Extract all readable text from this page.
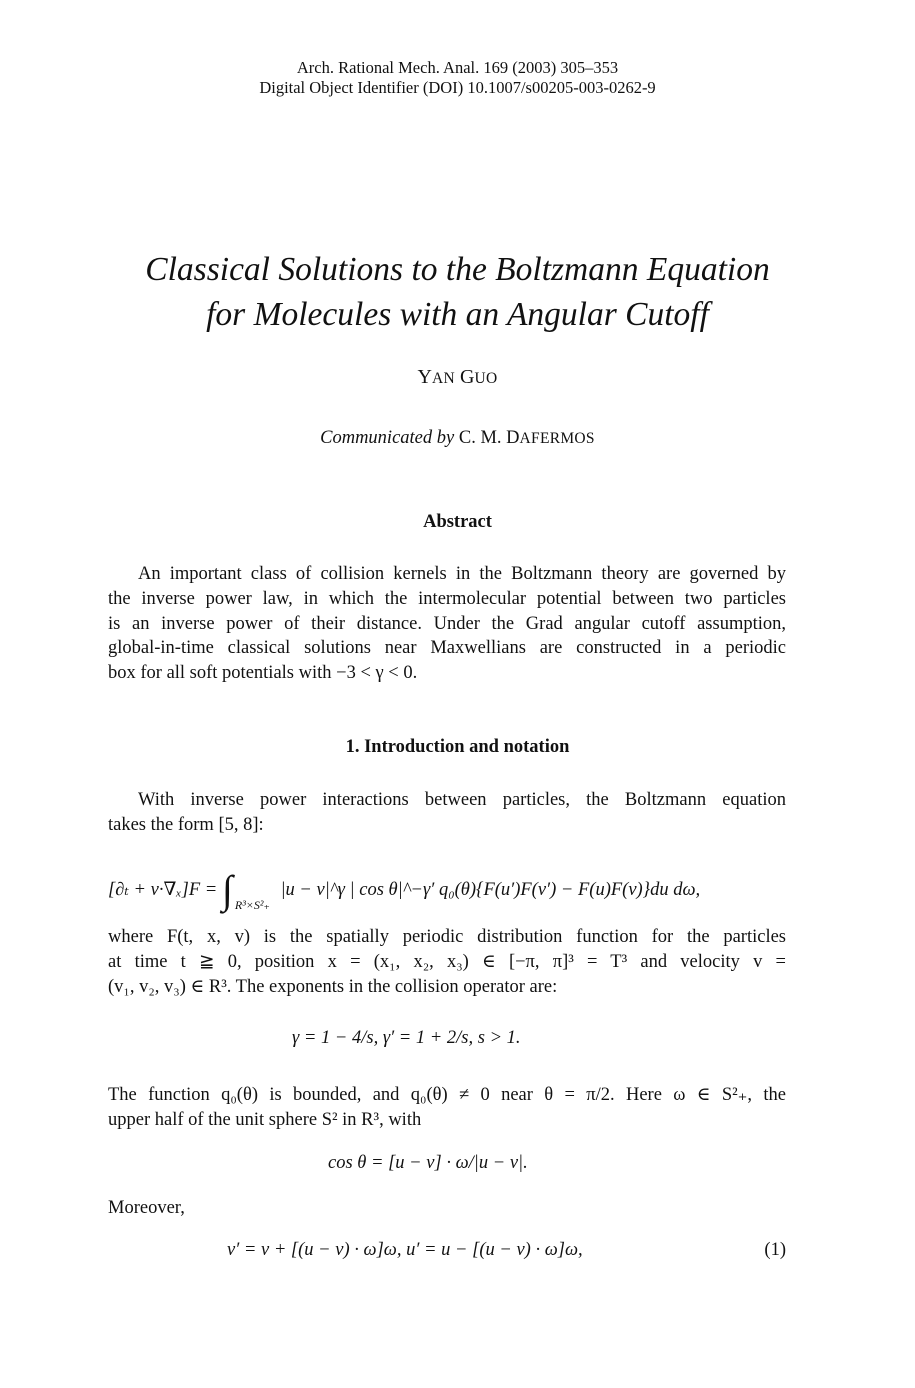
Arch. Rational Mech. Anal. 169 (2003) 305–353
Digital Object Identifier (DOI) 10.1007/s00205-003-0262-9
Classical Solutions to the Boltzmann Equation
for Molecules with an Angular Cutoff
YAN GUO
Communicated by C. M. DAFERMOS
Abstract
An important class of collision kernels in the Boltzmann theory are governed by
the inverse power law, in which the intermolecular potential between two particles
is an inverse power of their distance. Under the Grad angular cutoff assumption,
global-in-time classical solutions near Maxwellians are constructed in a periodic
box for all soft potentials with −3 < γ < 0.
1. Introduction and notation
With inverse power interactions between particles, the Boltzmann equation
takes the form [5, 8]:
[∂ₜ + v·∇ₓ]F = ∫ $_{R^3\times S^2_+}$ |u − v|^γ | cos θ|^−γ′ q₀(θ){F(u′)F(v′) − F(u)F(v)}du dω,
where F(t, x, v) is the spatially periodic distribution function for the particles
at time t ≧ 0, position x = (x₁, x₂, x₃) ∈ [−π, π]³ = T³ and velocity v =
(v₁, v₂, v₃) ∈ R³. The exponents in the collision operator are:
γ = 1 − 4/s, γ′ = 1 + 2/s, s > 1.
The function q₀(θ) is bounded, and q₀(θ) ≠ 0 near θ = π/2. Here ω ∈ S²₊, the
upper half of the unit sphere S² in R³, with
cos θ = [u − v] · ω/|u − v|.
Moreover,
v′ = v + [(u − v) · ω]ω, u′ = u − [(u − v) · ω]ω,	(1)
